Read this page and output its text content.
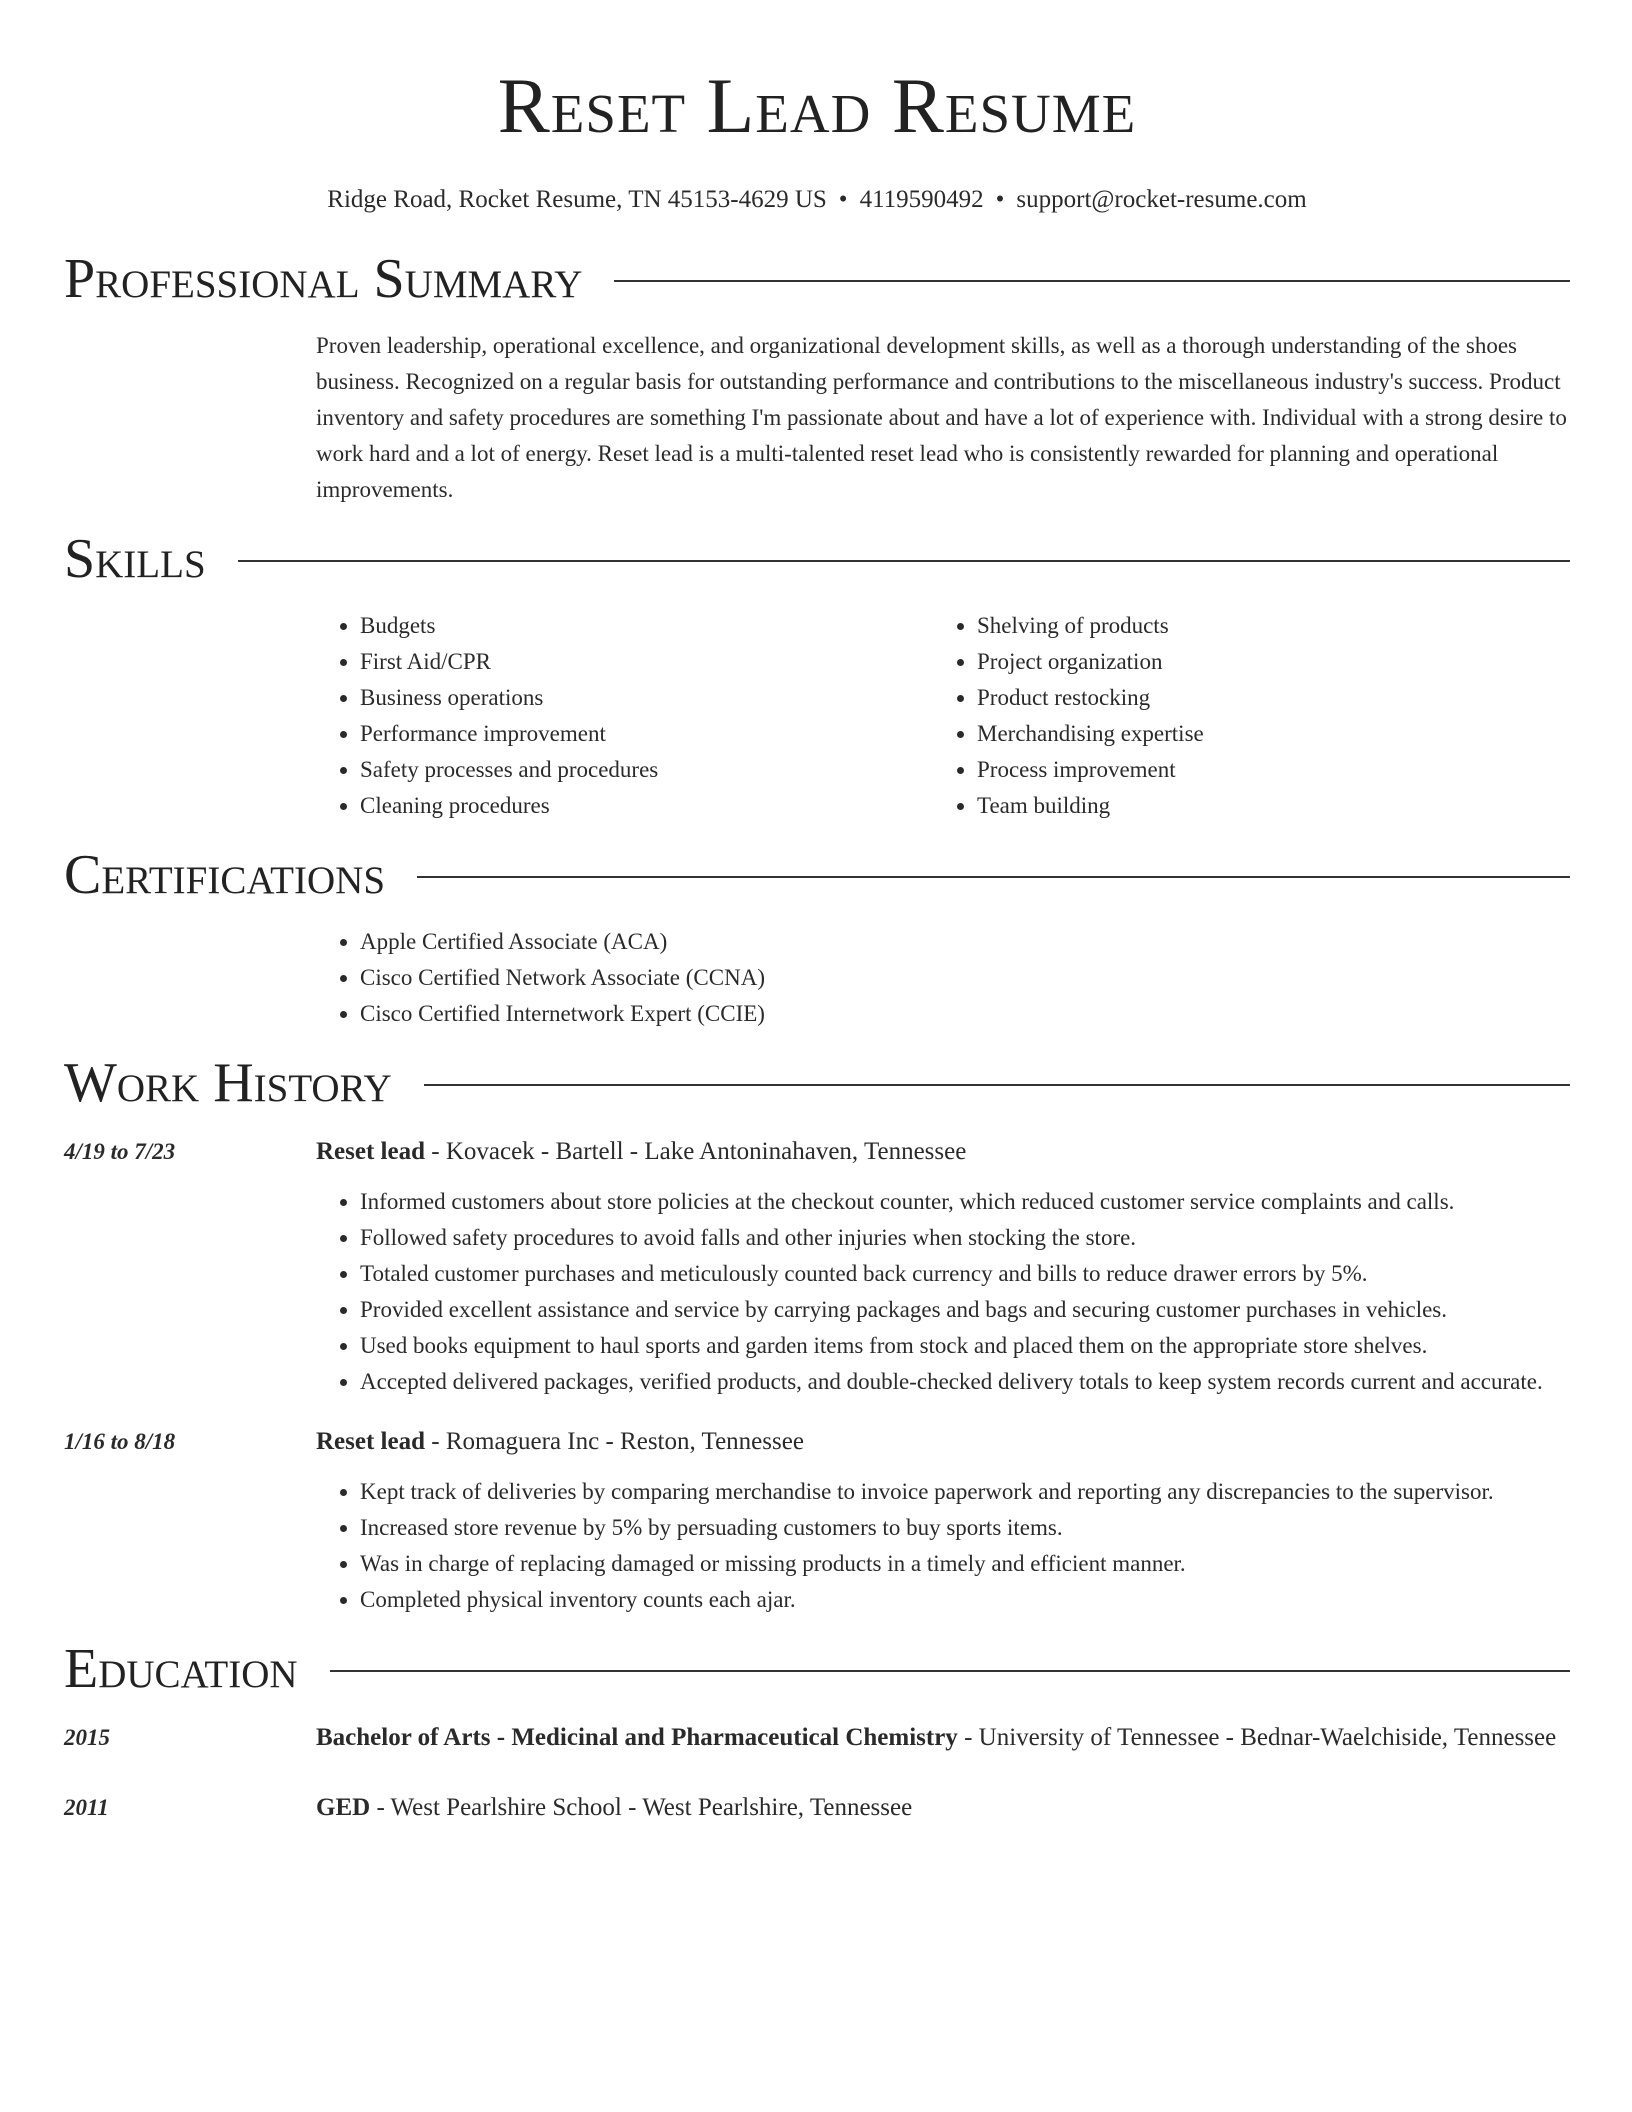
Reset Lead Resume
Ridge Road, Rocket Resume, TN 45153-4629 US • 4119590492 • support@rocket-resume.com
Professional Summary
Proven leadership, operational excellence, and organizational development skills, as well as a thorough understanding of the shoes business. Recognized on a regular basis for outstanding performance and contributions to the miscellaneous industry's success. Product inventory and safety procedures are something I'm passionate about and have a lot of experience with. Individual with a strong desire to work hard and a lot of energy. Reset lead is a multi-talented reset lead who is consistently rewarded for planning and operational improvements.
Skills
• Budgets
• First Aid/CPR
• Business operations
• Performance improvement
• Safety processes and procedures
• Cleaning procedures
• Shelving of products
• Project organization
• Product restocking
• Merchandising expertise
• Process improvement
• Team building
Certifications
• Apple Certified Associate (ACA)
• Cisco Certified Network Associate (CCNA)
• Cisco Certified Internetwork Expert (CCIE)
Work History
4/19 to 7/23	Reset lead - Kovacek - Bartell - Lake Antoninahaven, Tennessee
• Informed customers about store policies at the checkout counter, which reduced customer service complaints and calls.
• Followed safety procedures to avoid falls and other injuries when stocking the store.
• Totaled customer purchases and meticulously counted back currency and bills to reduce drawer errors by 5%.
• Provided excellent assistance and service by carrying packages and bags and securing customer purchases in vehicles.
• Used books equipment to haul sports and garden items from stock and placed them on the appropriate store shelves.
• Accepted delivered packages, verified products, and double-checked delivery totals to keep system records current and accurate.
1/16 to 8/18	Reset lead - Romaguera Inc - Reston, Tennessee
• Kept track of deliveries by comparing merchandise to invoice paperwork and reporting any discrepancies to the supervisor.
• Increased store revenue by 5% by persuading customers to buy sports items.
• Was in charge of replacing damaged or missing products in a timely and efficient manner.
• Completed physical inventory counts each ajar.
Education
2015	Bachelor of Arts - Medicinal and Pharmaceutical Chemistry - University of Tennessee - Bednar-Waelchiside, Tennessee
2011	GED - West Pearlshire School - West Pearlshire, Tennessee
